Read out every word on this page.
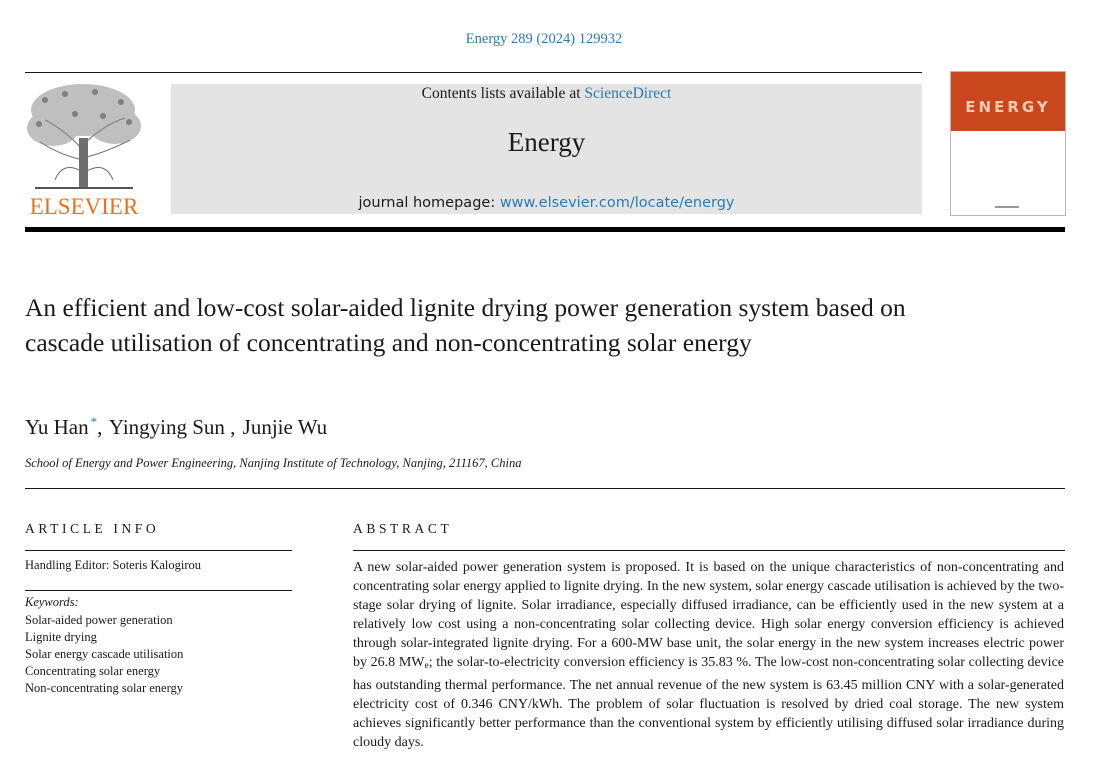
Energy 289 (2024) 129932
ELSEVIER
Contents lists available at ScienceDirect
Energy
journal homepage: www.elsevier.com/locate/energy
ENERGY
An efficient and low-cost solar-aided lignite drying power generation system based on cascade utilisation of concentrating and non-concentrating solar energy
Yu Han *, Yingying Sun , Junjie Wu
School of Energy and Power Engineering, Nanjing Institute of Technology, Nanjing, 211167, China
ARTICLE INFO
Handling Editor: Soteris Kalogirou
Keywords:
Solar-aided power generation
Lignite drying
Solar energy cascade utilisation
Concentrating solar energy
Non-concentrating solar energy
ABSTRACT

A new solar-aided power generation system is proposed. It is based on the unique characteristics of non-concentrating and concentrating solar energy applied to lignite drying. In the new system, solar energy cascade utilisation is achieved by the two-stage solar drying of lignite. Solar irradiance, especially diffused irradiance, can be efficiently used in the new system at a relatively low cost using a non-concentrating solar collecting device. High solar energy conversion efficiency is achieved through solar-integrated lignite drying. For a 600-MW base unit, the solar energy in the new system increases electric power by 26.8 $MW_e$; the solar-to-electricity conversion efficiency is 35.83 %. The low-cost non-concentrating solar collecting device has outstanding thermal performance. The net annual revenue of the new system is 63.45 million CNY with a solar-generated electricity cost of 0.346 CNY/kWh. The problem of solar fluctuation is resolved by dried coal storage. The new system achieves significantly better performance than the conventional system by efficiently utilising diffused solar irradiance during cloudy days.
